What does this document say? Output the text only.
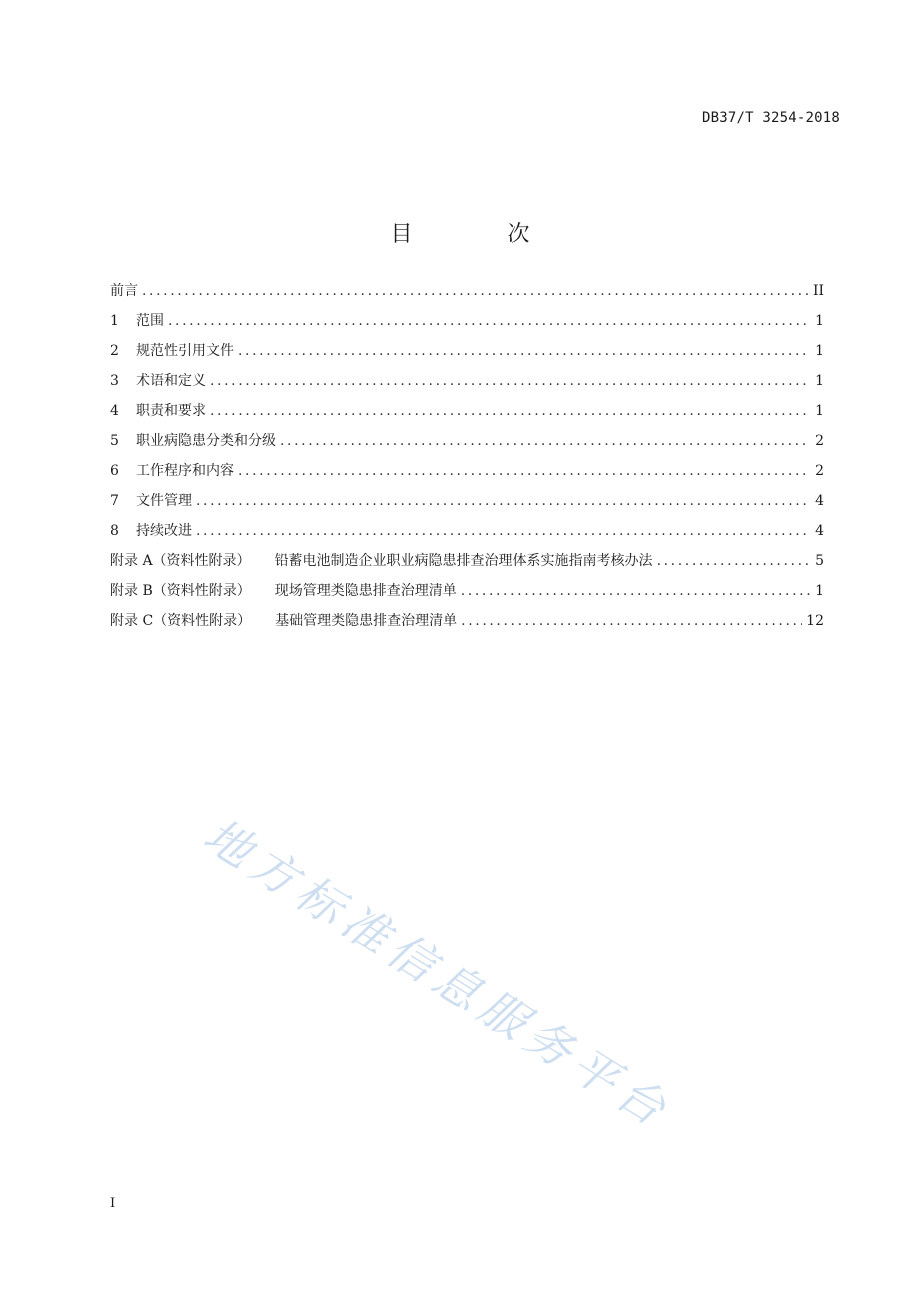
DB37/T 3254-2018
目 次
前言 .....	II
1	范围 .....	1
2	规范性引用文件 .....	1
3	术语和定义 .....	1
4	职责和要求 .....	1
5	职业病隐患分类和分级 .....	2
6	工作程序和内容 .....	2
7	文件管理 .....	4
8	持续改进 .....	4
附录 A（资料性附录） 铅蓄电池制造企业职业病隐患排查治理体系实施指南考核办法 .....	5
附录 B（资料性附录） 现场管理类隐患排查治理清单 .....	1
附录 C（资料性附录） 基础管理类隐患排查治理清单 .....	12
地方标准信息服务平台
I
